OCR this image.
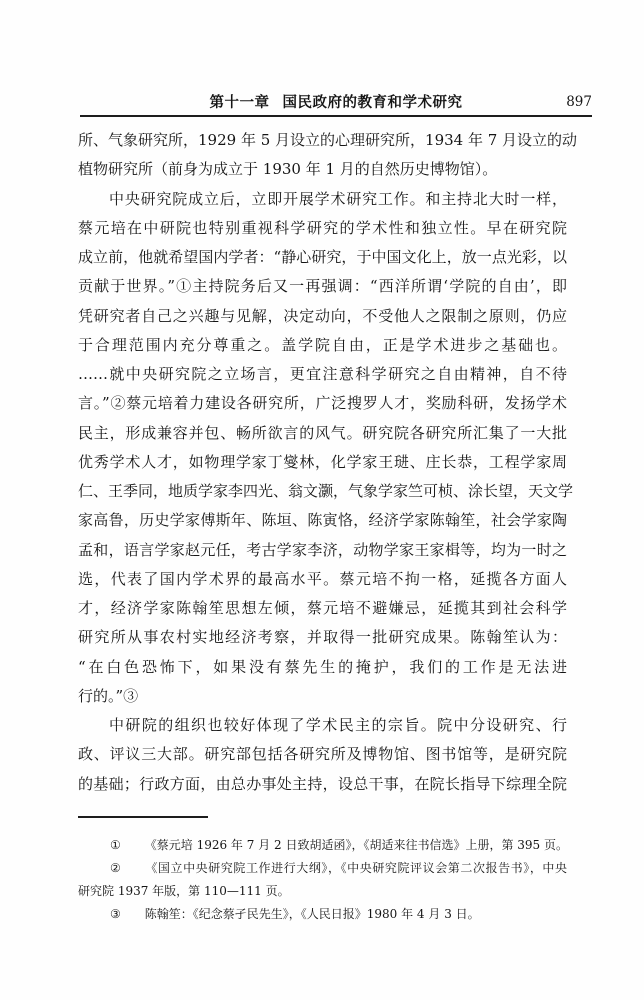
第十一章 国民政府的教育和学术研究	897
所、气象研究所，1929 年 5 月设立的心理研究所，1934 年 7 月设立的动
植物研究所（前身为成立于 1930 年 1 月的自然历史博物馆）。
中央研究院成立后，立即开展学术研究工作。和主持北大时一样，
蔡元培在中研院也特别重视科学研究的学术性和独立性。早在研究院
成立前，他就希望国内学者：“静心研究，于中国文化上，放一点光彩，以
贡献于世界。”①主持院务后又一再强调：“西洋所谓‘学院的自由’，即
凭研究者自己之兴趣与见解，决定动向，不受他人之限制之原则，仍应
于合理范围内充分尊重之。盖学院自由，正是学术进步之基础也。
……就中央研究院之立场言，更宜注意科学研究之自由精神，自不待
言。”②蔡元培着力建设各研究所，广泛搜罗人才，奖励科研，发扬学术
民主，形成兼容并包、畅所欲言的风气。研究院各研究所汇集了一大批
优秀学术人才，如物理学家丁燮林，化学家王琎、庄长恭，工程学家周
仁、王季同，地质学家李四光、翁文灏，气象学家竺可桢、涂长望，天文学
家高鲁，历史学家傅斯年、陈垣、陈寅恪，经济学家陈翰笙，社会学家陶
孟和，语言学家赵元任，考古学家李济，动物学家王家楫等，均为一时之
选，代表了国内学术界的最高水平。蔡元培不拘一格，延揽各方面人
才，经济学家陈翰笙思想左倾，蔡元培不避嫌忌，延揽其到社会科学
研究所从事农村实地经济考察，并取得一批研究成果。陈翰笙认为：
“在白色恐怖下，如果没有蔡先生的掩护，我们的工作是无法进
行的。”③
中研院的组织也较好体现了学术民主的宗旨。院中分设研究、行
政、评议三大部。研究部包括各研究所及博物馆、图书馆等，是研究院
的基础；行政方面，由总办事处主持，设总干事，在院长指导下综理全院
① 《蔡元培 1926 年 7 月 2 日致胡适函》，《胡适来往书信选》上册，第 395 页。
② 《国立中央研究院工作进行大纲》，《中央研究院评议会第二次报告书》，中央
研究院 1937 年版，第 110—111 页。
③ 陈翰笙：《纪念蔡孑民先生》，《人民日报》1980 年 4 月 3 日。
